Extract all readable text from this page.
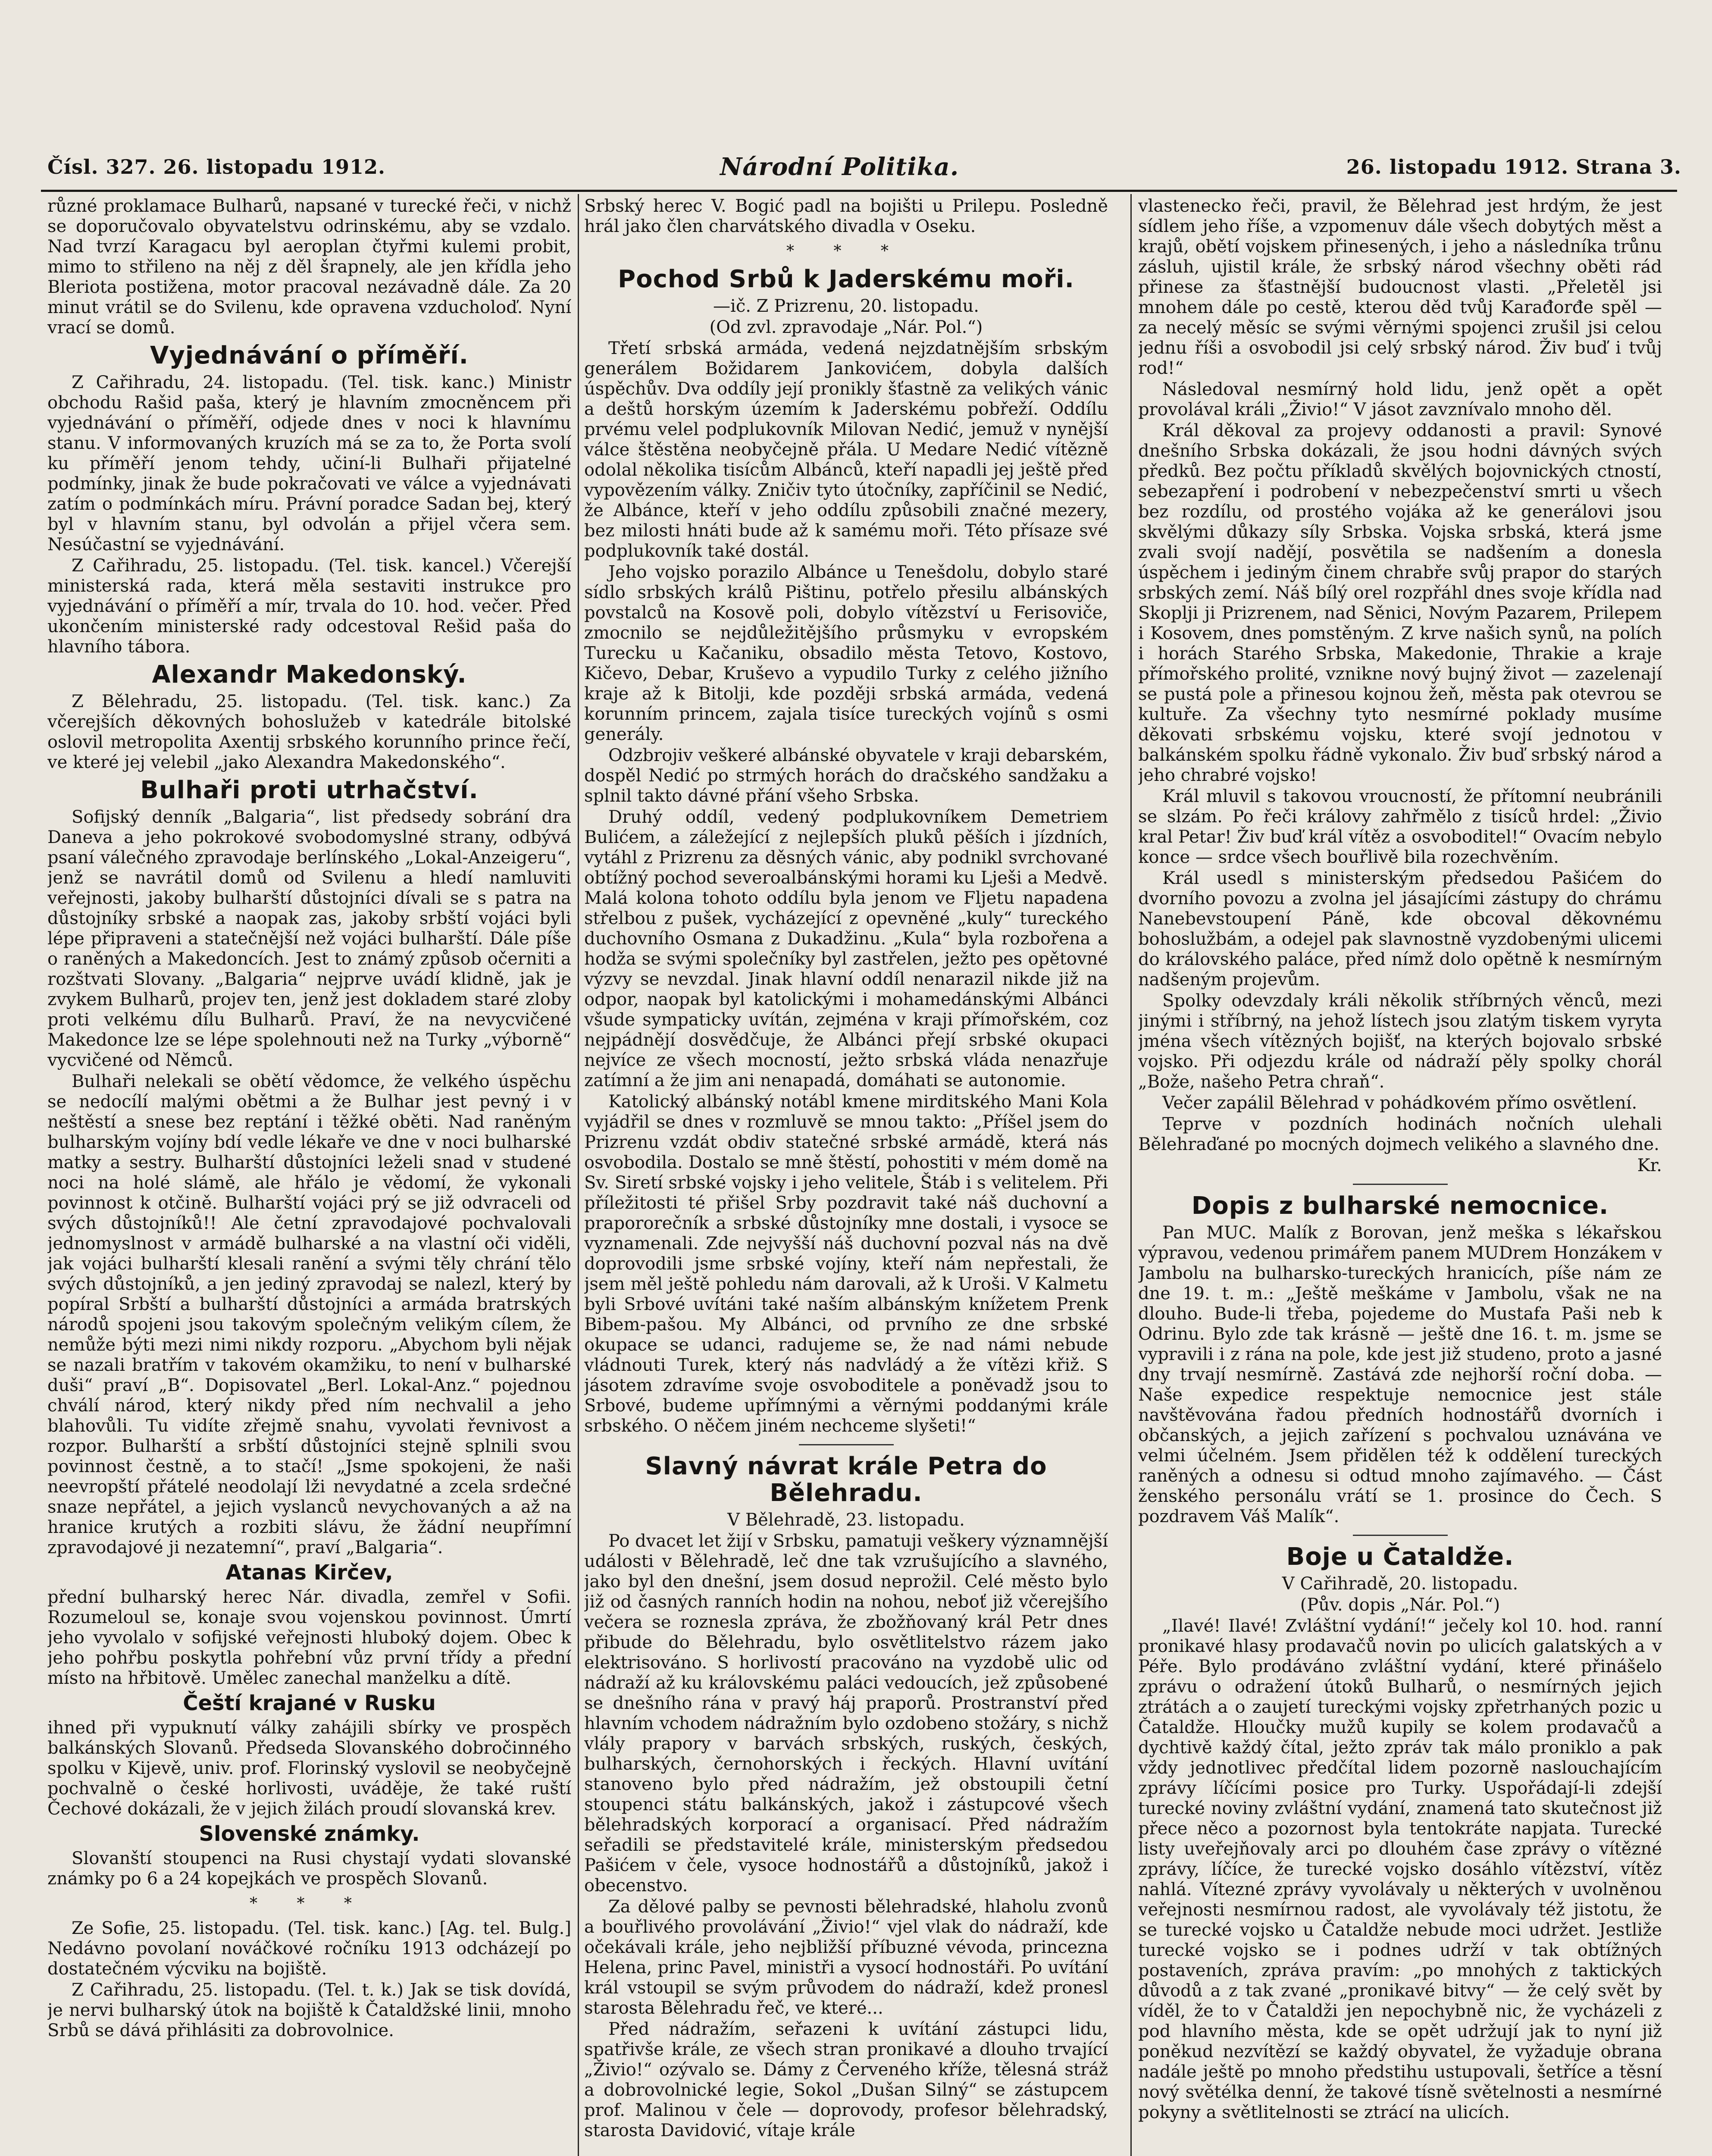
Čísl. 327. 26. listopadu 1912.	Národní Politika.	26. listopadu 1912. Strana 3.

různé proklamace Bulharů, napsané v turecké řeči, v nichž se doporučovalo obyvatelstvu odrinskému, aby se vzdalo. Nad tvrzí Karagacu byl aeroplan čtyřmi kulemi probit, mimo to střileno na něj z děl šrapnely, ale jen křídla jeho Bleriota postižena, motor pracoval nezávadně dále. Za 20 minut vrátil se do Svilenu, kde opravena vzducholoď. Nyní vrací se domů.

Vyjednávání o příměří.

Z Cařihradu, 24. listopadu. (Tel. tisk. kanc.) Ministr obchodu Rašid paša, který je hlavním zmocněncem při vyjednávání o příměří, odjede dnes v noci k hlavnímu stanu. V informovaných kruzích má se za to, že Porta svolí ku příměří jenom tehdy, učiní-li Bulhaři přijatelné podmínky, jinak že bude pokračovati ve válce a vyjednávati zatím o podmínkách míru. Právní poradce Sadan bej, který byl v hlavním stanu, byl odvolán a přijel včera sem. Nesúčastní se vyjednávání.

Z Cařihradu, 25. listopadu. (Tel. tisk. kancel.) Včerejší ministerská rada, která měla sestaviti instrukce pro vyjednávání o příměří a mír, trvala do 10. hod. večer. Před ukončením ministerské rady odcestoval Rešid paša do hlavního tábora.

Alexandr Makedonský.

Z Bělehradu, 25. listopadu. (Tel. tisk. kanc.) Za včerejších děkovných bohoslužeb v katedrále bitolské oslovil metropolita Axentij srbského korunního prince řečí, ve které jej velebil „jako Alexandra Makedonského“.

Bulhaři proti utrhačství.

Sofijský denník „Balgaria“, list předsedy sobrání dra Daneva a jeho pokrokové svobodomyslné strany, odbývá psaní válečného zpravodaje berlínského „Lokal-Anzeigeru“, jenž se navrátil domů od Svilenu a hledí namluviti veřejnosti, jakoby bulharští důstojníci dívali se s patra na důstojníky srbské a naopak zas, jakoby srbští vojáci byli lépe připraveni a statečnější než vojáci bulharští. Dále píše o raněných a Makedoncích. Jest to známý způsob očerniti a rozštvati Slovany. „Balgaria“ nejprve uvádí klidně, jak je zvykem Bulharů, projev ten, jenž jest dokladem staré zloby proti velkému dílu Bulharů. Praví, že na nevycvičené Makedonce lze se lépe spolehnouti než na Turky „výborně“ vycvičené od Němců.

Bulhaři nelekali se obětí vědomce, že velkého úspěchu se nedocílí malými obětmi a že Bulhar jest pevný i v neštěstí a snese bez reptání i těžké oběti. Nad raněným bulharským vojíny bdí vedle lékaře ve dne v noci bulharské matky a sestry. Bulharští důstojníci leželi snad v studené noci na holé slámě, ale hřálo je vědomí, že vykonali povinnost k otčině. Bulharští vojáci prý se již odvraceli od svých důstojníků!! Ale četní zpravodajové pochvalovali jednomyslnost v armádě bulharské a na vlastní oči viděli, jak vojáci bulharští klesali ranění a svými těly chrání tělo svých důstojníků, a jen jediný zpravodaj se nalezl, který by popíral Srbští a bulharští důstojníci a armáda bratrských národů spojeni jsou takovým společným velikým cílem, že nemůže býti mezi nimi nikdy rozporu. „Abychom byli nějak se nazali bratřím v takovém okamžiku, to není v bulharské duši“ praví „B“. Dopisovatel „Berl. Lokal-Anz.“ pojednou chválí národ, který nikdy před ním nechvalil a jeho blahovůli. Tu vidíte zřejmě snahu, vyvolati řevnivost a rozpor. Bulharští a srbští důstojníci stejně splnili svou povinnost čestně, a to stačí! „Jsme spokojeni, že naši neevropští přátelé neodolají lži nevydatné a zcela srdečné snaze nepřátel, a jejich vyslanců nevychovaných a až na hranice krutých a rozbiti slávu, že žádní neupřímní zpravodajové ji nezatemní“, praví „Balgaria“.

Atanas Kirčev,

přední bulharský herec Nár. divadla, zemřel v Sofii. Rozumeloul se, konaje svou vojenskou povinnost. Úmrtí jeho vyvolalo v sofijské veřejnosti hluboký dojem. Obec k jeho pohřbu poskytla pohřební vůz první třídy a přední místo na hřbitově. Umělec zanechal manželku a dítě.

Čeští krajané v Rusku

ihned při vypuknutí války zahájili sbírky ve prospěch balkánských Slovanů. Předseda Slovanského dobročinného spolku v Kijevě, univ. prof. Florinský vyslovil se neobyčejně pochvalně o české horlivosti, uváděje, že také ruští Čechové dokázali, že v jejich žilách proudí slovanská krev.

Slovenské známky.

Slovanští stoupenci na Rusi chystají vydati slovanské známky po 6 a 24 kopejkách ve prospěch Slovanů.

* * *

Ze Sofie, 25. listopadu. (Tel. tisk. kanc.) [Ag. tel. Bulg.] Nedávno povolaní nováčkové ročníku 1913 odcházejí po dostatečném výcviku na bojiště.

Z Cařihradu, 25. listopadu. (Tel. t. k.) Jak se tisk dovídá, je nervi bulharský útok na bojiště k Čataldžské linii, mnoho Srbů se dává přihlásiti za dobrovolnice.

Srbský herec V. Bogić padl na bojišti u Prilepu. Posledně hrál jako člen charvátského divadla v Oseku.

* * *
Pochod Srbů k Jaderskému moři.

—ič. Z Prizrenu, 20. listopadu.

(Od zvl. zpravodaje „Nár. Pol.“)

Třetí srbská armáda, vedená nejzdatnějším srbským generálem Božidarem Jankovićem, dobyla dalších úspěchův. Dva oddíly její pronikly šťastně za velikých vánic a deštů horským územím k Jaderskému pobřeží. Oddílu prvému velel podplukovník Milovan Nedić, jemuž v nynější válce štěstěna neobyčejně přála. U Medare Nedić vítězně odolal několika tisícům Albánců, kteří napadli jej ještě před vypovězením války. Zničiv tyto útočníky, zapříčinil se Nedić, že Albánce, kteří v jeho oddílu způsobili značné mezery, bez milosti hnáti bude až k samému moři. Této přísaze své podplukovník také dostál.

Jeho vojsko porazilo Albánce u Tenešdolu, dobylo staré sídlo srbských králů Pištinu, potřelo přesilu albánských povstalců na Kosově poli, dobylo vítězství u Ferisoviče, zmocnilo se nejdůležitějšího průsmyku v evropském Turecku u Kačaniku, obsadilo města Tetovo, Kostovo, Kičevo, Debar, Kruševo a vypudilo Turky z celého jižního kraje až k Bitolji, kde později srbská armáda, vedená korunním princem, zajala tisíce tureckých vojínů s osmi generály.

Odzbrojiv veškeré albánské obyvatele v kraji debarském, dospěl Nedić po strmých horách do dračského sandžaku a splnil takto dávné přání všeho Srbska.

Druhý oddíl, vedený podplukovníkem Demetriem Bulićem, a záležející z nejlepších pluků pěších i jízdních, vytáhl z Prizrenu za děsných vánic, aby podnikl svrchované obtížný pochod severoalbánskými horami ku Lješi a Medvě. Malá kolona tohoto oddílu byla jenom ve Fljetu napadena střelbou z pušek, vycházející z opevněné „kuly“ tureckého duchovního Osmana z Dukadžinu. „Kula“ byla rozbořena a hodža se svými společníky byl zastřelen, ježto pes opětovné výzvy se nevzdal. Jinak hlavní oddíl nenarazil nikde již na odpor, naopak byl katolickými i mohamedánskými Albánci všude sympaticky uvítán, zejména v kraji přímořském, coz nejpádnějí dosvědčuje, že Albánci přejí srbské okupaci nejvíce ze všech mocností, ježto srbská vláda nenazřuje zatímní a že jim ani nenapadá, domáhati se autonomie.

Katolický albánský notábl kmene mirditského Mani Kola vyjádřil se dnes v rozmluvě se mnou takto: „Příšel jsem do Prizrenu vzdát obdiv statečné srbské armádě, která nás osvobodila. Dostalo se mně štěstí, pohostiti v mém domě na Sv. Siretí srbské vojsky i jeho velitele, Štáb i s velitelem. Při příležitosti té přišel Srby pozdravit také náš duchovní a prapororečník a srbské důstojníky mne dostali, i vysoce se vyznamenali. Zde nejvyšší náš duchovní pozval nás na dvě doprovodili jsme srbské vojíny, kteří nám nepřestali, že jsem měl ještě pohledu nám darovali, až k Uroši. V Kalmetu byli Srbové uvítáni také naším albánským knížetem Prenk Bibem-pašou. My Albánci, od prvního ze dne srbské okupace se udanci, radujeme se, že nad námi nebude vládnouti Turek, který nás nadvládý a že vítězi křiž. S jásotem zdravíme svoje osvoboditele a poněvadž jsou to Srbové, budeme upřímnými a věrnými poddanými krále srbského. O něčem jiném nechceme slyšeti!“

Slavný návrat krále Petra do Bělehradu.

V Bělehradě, 23. listopadu.

Po dvacet let žijí v Srbsku, pamatuji veškery významnější události v Bělehradě, leč dne tak vzrušujícího a slavného, jako byl den dnešní, jsem dosud neprožil. Celé město bylo již od časných ranních hodin na nohou, neboť již včerejšího večera se roznesla zpráva, že zbožňovaný král Petr dnes přibude do Bělehradu, bylo osvětlitelstvo rázem jako elektrisováno. S horlivostí pracováno na vyzdobě ulic od nádraží až ku královskému paláci vedoucích, jež způsobené se dnešního rána v pravý háj praporů. Prostranství před hlavním vchodem nádražním bylo ozdobeno stožáry, s nichž vlály prapory v barvách srbských, ruských, českých, bulharských, černohorských i řeckých. Hlavní uvítání stanovenо bylo před nádražím, jež obstoupili četní stoupenci státu balkánských, jakož i zástupcové všech bělehradských korporací a organisací. Před nádražím seřadili se představitelé krále, ministerským předsedou Pašićem v čele, vysoce hodnostářů a důstojníků, jakož i obecenstvo.

Za dělové palby se pevnosti bělehradské, hlaholu zvonů a bouřlivého provolávání „Živio!“ vjel vlak do nádraží, kde očekávali krále, jeho nejbližší příbuzné vévoda, princezna Helena, princ Pavel, ministři a vysocí hodnostáři. Po uvítání král vstoupil se svým průvodem do nádraží, kdež pronesl starosta Bělehradu řeč, ve které...

Před nádražím, seřazeni k uvítání zástupci lidu, spatřivše krále, ze všech stran pronikavé a dlouho trvající „Živio!“ ozývalo se. Dámy z Červeného kříže, tělesná stráž a dobrovolnické legie, Sokol „Dušan Silný“ se zástupcem prof. Malinou v čele — doprovody, profesor bělehradský, starosta Davidović, vítaje krále

vlastenecko řeči, pravil, že Bělehrad jest hrdým, že jest sídlem jeho říše, a vzpomenuv dále všech dobytých měst a krajů, obětí vojskem přinesených, i jeho a následníka trůnu zásluh, ujistil krále, že srbský národ všechny oběti rád přinese za šťastnější budoucnost vlasti. „Přeletěl jsi mnohem dále po cestě, kterou děd tvůj Karađorđe spěl — za necelý měsíc se svými věrnými spojenci zrušil jsi celou jednu říši a osvobodil jsi celý srbský národ. Živ buď i tvůj rod!“

Následoval nesmírný hold lidu, jenž opět a opět provolával králi „Živio!“ V jásot zavznívalo mnoho děl.

Král děkoval za projevy oddanosti a pravil: Synové dnešního Srbska dokázali, že jsou hodni dávných svých předků. Bez počtu příkladů skvělých bojovnických ctností, sebezapření i podrobení v nebezpečenství smrti u všech bez rozdílu, od prostého vojáka až ke generálovi jsou skvělými důkazy síly Srbska. Vojska srbská, která jsme zvali svojí nadějí, posvětila se nadšením a donesla úspěchem i jediným činem chrabře svůj prapor do starých srbských zemí. Náš bílý orel rozpřáhl dnes svoje křídla nad Skoplji ji Prizrenem, nad Sěnici, Novým Pazarem, Prilepem i Kosovem, dnes pomstěným. Z krve našich synů, na polích i horách Starého Srbska, Makedonie, Thrakie a kraje přímořského prolité, vznikne nový bujný život — zazelenají se pustá pole a přinesou kojnou žeň, města pak otevrou se kultuře. Za všechny tyto nesmírné poklady musíme děkovati srbskému vojsku, které svojí jednotou v balkánském spolku řádně vykonalo. Živ buď srbský národ a jeho chrabré vojsko!

Král mluvil s takovou vroucností, že přítomní neubránili se slzám. Po řeči královy zahřmělo z tisíců hrdel: „Živio kral Petar! Živ buď král vítěz a osvoboditel!“ Ovacím nebylo konce — srdce všech bouřlivě bila rozechvěním.

Král usedl s ministerským předsedou Pašićem do dvorního povozu a zvolna jel jásajícími zástupy do chrámu Nanebevstoupení Páně, kde obcoval děkovnému bohoslužbám, a odejel pak slavnostně vyzdobenými ulicemi do královského paláce, před nímž dolo opětně k nesmírným nadšeným projevům.

Spolky odevzdaly králi několik stříbrných věnců, mezi jinými i stříbrný, na jehož lístech jsou zlatým tiskem vyryta jména všech vítězných bojišť, na kterých bojovalo srbské vojsko. Při odjezdu krále od nádraží pěly spolky chorál „Bože, našeho Petra chraň“.

Večer zapálil Bělehrad v pohádkovém přímo osvětlení.

Teprve v pozdních hodinách nočních ulehali Bělehraďané po mocných dojmech velikého a slavného dne.

Kr.

Dopis z bulharské nemocnice.

Pan MUC. Malík z Borovan, jenž meška s lékařskou výpravou, vedenou primářem panem MUDrem Honzákem v Jambolu na bulharsko-tureckých hranicích, píše nám ze dne 19. t. m.: „Ještě meškáme v Jambolu, však ne na dlouho. Bude-li třeba, pojedeme do Mustafa Paši neb k Odrinu. Bylo zde tak krásně — ještě dne 16. t. m. jsme se vypravili i z rána na pole, kde jest již studeno, proto a jasné dny trvají nesmírně. Zastává zde nejhorší roční doba. — Naše expedice respektuje nemocnice jest stále navštěvována řadou předních hodnostářů dvorních i občanských, a jejich zařízení s pochvalou uznávána ve velmi účelném. Jsem přidělen též k oddělení tureckých raněných a odnesu si odtud mnoho zajímavého. — Část ženského personálu vrátí se 1. prosince do Čech. S pozdravem Váš Malík“.

Boje u Čataldže.

V Cařihradě, 20. listopadu.

(Pův. dopis „Nár. Pol.“)

„Ilavé! Ilavé! Zvláštní vydání!“ ječely kol 10. hod. ranní pronikavé hlasy prodavačů novin po ulicích galatských a v Péře. Bylo prodáváno zvláštní vydání, které přinášelo zprávu o odražení útoků Bulharů, o nesmírných jejich ztrátách a o zaujetí tureckými vojsky zpřetrhaných pozic u Čataldže. Hloučky mužů kupily se kolem prodavačů a dychtivě každý čítal, ježto zpráv tak málo proniklo a pak vždy jednotlivec předčítal lidem pozorně naslouchajícím zprávy líčícími posice pro Turky. Uspořádají-li zdejší turecké noviny zvláštní vydání, znamená tato skutečnost již přece něco a pozornost byla tentokráte napjata. Turecké listy uveřejňovaly arci po dlouhém čase zprávy o vítězné zprávy, líčíce, že turecké vojsko dosáhlo vítězství, vítěz nahlá. Vítezné zprávy vyvolávaly u některých v uvolněnou veřejnosti nesmírnou radost, ale vyvolávaly též jistotu, že se turecké vojsko u Čataldže nebude moci udržet. Jestliže turecké vojsko se i podnes udrží v tak obtížných postaveních, zpráva pravím: „po mnohých z taktických důvodů a z tak zvané „pronikavé bitvy“ — že celý svět by víděl, že to v Čataldži jen nepochybně nic, že vycházeli z pod hlavního města, kde se opět udržují jak to nyní již poněkud nezvítězí se každý obyvatel, že vyžaduje obrana nadále ještě po mnoho předstihu ustupovali, šetříce a těsní nový světélka denní, že takové tísně světelnosti a nesmírné pokyny a světlitelnosti se ztrácí na ulicích.
